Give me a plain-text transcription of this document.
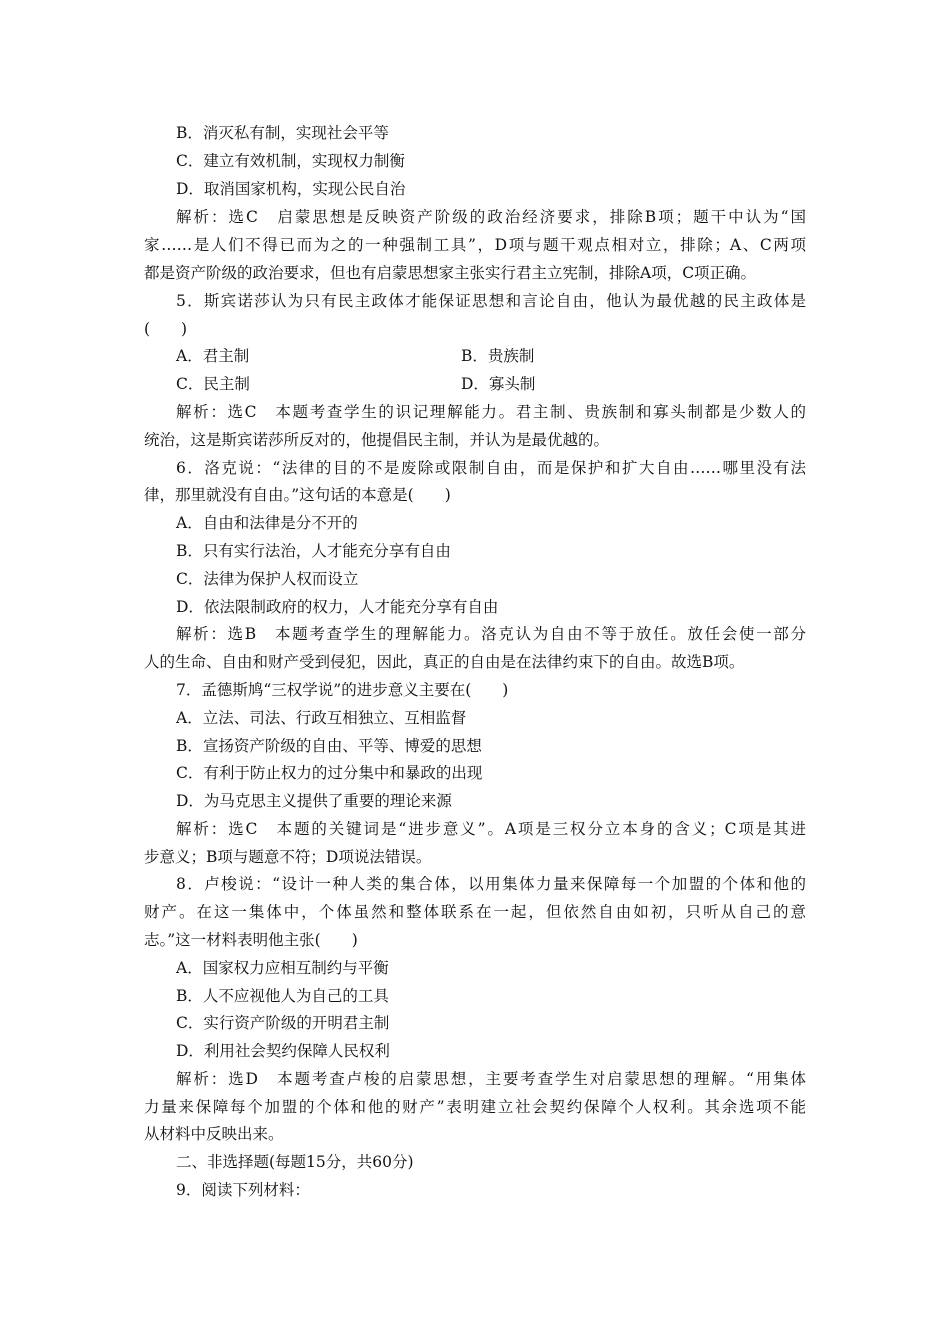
B．消灭私有制，实现社会平等
C．建立有效机制，实现权力制衡
D．取消国家机构，实现公民自治
解析：选C　启蒙思想是反映资产阶级的政治经济要求，排除B项；题干中认为“国
家……是人们不得已而为之的一种强制工具”，D项与题干观点相对立，排除；A、C两项
都是资产阶级的政治要求，但也有启蒙思想家主张实行君主立宪制，排除A项，C项正确。
5．斯宾诺莎认为只有民主政体才能保证思想和言论自由，他认为最优越的民主政体是
(　　)
A．君主制	B．贵族制
C．民主制	D．寡头制
解析：选C　本题考查学生的识记理解能力。君主制、贵族制和寡头制都是少数人的
统治，这是斯宾诺莎所反对的，他提倡民主制，并认为是最优越的。
6．洛克说：“法律的目的不是废除或限制自由，而是保护和扩大自由……哪里没有法
律，那里就没有自由。”这句话的本意是(　　)
A．自由和法律是分不开的
B．只有实行法治，人才能充分享有自由
C．法律为保护人权而设立
D．依法限制政府的权力，人才能充分享有自由
解析：选B　本题考查学生的理解能力。洛克认为自由不等于放任。放任会使一部分
人的生命、自由和财产受到侵犯，因此，真正的自由是在法律约束下的自由。故选B项。
7．孟德斯鸠“三权学说”的进步意义主要在(　　)
A．立法、司法、行政互相独立、互相监督
B．宣扬资产阶级的自由、平等、博爱的思想
C．有利于防止权力的过分集中和暴政的出现
D．为马克思主义提供了重要的理论来源
解析：选C　本题的关键词是“进步意义”。A项是三权分立本身的含义；C项是其进
步意义；B项与题意不符；D项说法错误。
8．卢梭说：“设计一种人类的集合体，以用集体力量来保障每一个加盟的个体和他的
财产。在这一集体中，个体虽然和整体联系在一起，但依然自由如初，只听从自己的意
志。”这一材料表明他主张(　　)
A．国家权力应相互制约与平衡
B．人不应视他人为自己的工具
C．实行资产阶级的开明君主制
D．利用社会契约保障人民权利
解析：选D　本题考查卢梭的启蒙思想，主要考查学生对启蒙思想的理解。“用集体
力量来保障每个加盟的个体和他的财产”表明建立社会契约保障个人权利。其余选项不能
从材料中反映出来。
二、非选择题(每题15分，共60分)
9．阅读下列材料：
